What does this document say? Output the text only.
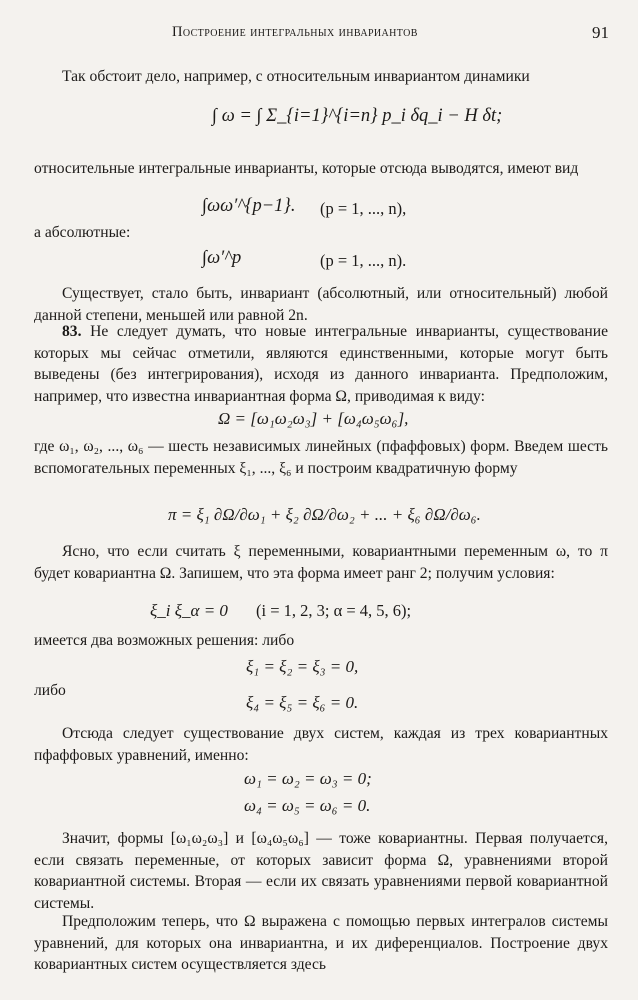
Построение интегральных инвариантов	91

Так обстоит дело, например, с относительным инвариантом динамики

∫ ω = ∫ Σ_{i=1}^{i=n} p_i δq_i − H δt;

относительные интегральные инварианты, которые отсюда выводятся, имеют вид

∫ωω′^{p−1}. (p = 1, ..., n),

а абсолютные:

∫ω′^p	(p = 1, ..., n).

Существует, стало быть, инвариант (абсолютный, или относительный) любой данной степени, меньшей или равной 2n.

83. Не следует думать, что новые интегральные инварианты, существование которых мы сейчас отметили, являются единственными, которые могут быть выведены (без интегрирования), исходя из данного инварианта. Предположим, например, что известна инвариантная форма Ω, приводимая к виду:

Ω = [ω₁ω₂ω₃] + [ω₄ω₅ω₆],

где ω₁, ω₂, ..., ω₆ — шесть независимых линейных (пфаффовых) форм. Введем шесть вспомогательных переменных ξ₁, ..., ξ₆ и построим квадратичную форму

π = ξ₁ ∂Ω/∂ω₁ + ξ₂ ∂Ω/∂ω₂ + ... + ξ₆ ∂Ω/∂ω₆.

Ясно, что если считать ξ переменными, ковариантными переменным ω, то π будет ковариантна Ω. Запишем, что эта форма имеет ранг 2; получим условия:

ξ_i ξ_α = 0 (i = 1, 2, 3; α = 4, 5, 6);

имеется два возможных решения: либо

ξ₁ = ξ₂ = ξ₃ = 0,

либо

ξ₄ = ξ₅ = ξ₆ = 0.

Отсюда следует существование двух систем, каждая из трех ковариантных пфаффовых уравнений, именно:

ω₁ = ω₂ = ω₃ = 0;
ω₄ = ω₅ = ω₆ = 0.

Значит, формы [ω₁ω₂ω₃] и [ω₄ω₅ω₆] — тоже ковариантны. Первая получается, если связать переменные, от которых зависит форма Ω, уравнениями второй ковариантной системы. Вторая — если их связать уравнениями первой ковариантной системы.

Предположим теперь, что Ω выражена с помощью первых интегралов системы уравнений, для которых она инвариантна, и их диференциалов. Построение двух ковариантных систем осуществляется здесь
